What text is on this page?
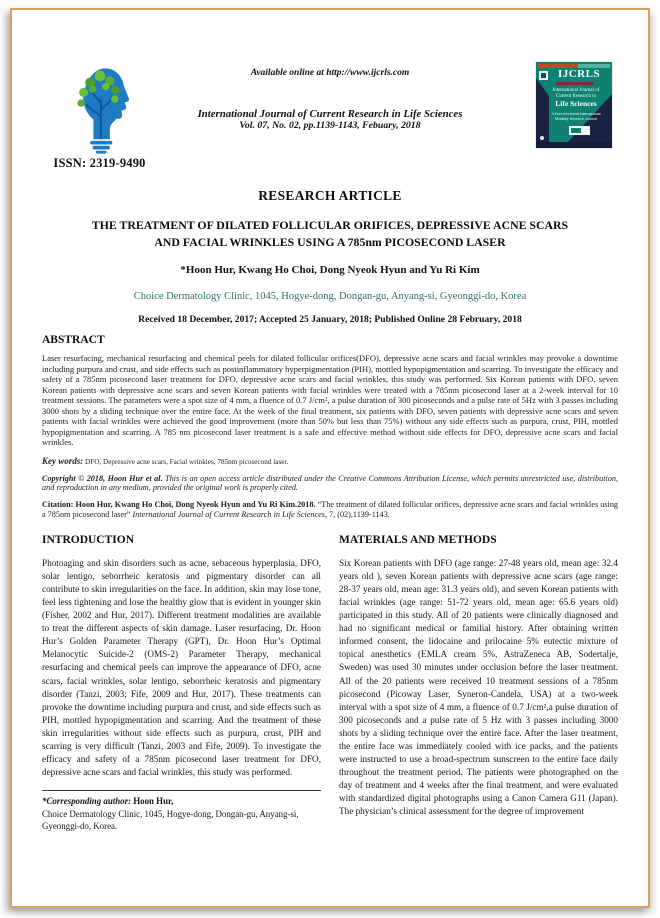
ISSN: 2319-9490
Available online at http://www.ijcrls.com
International Journal of Current Research in Life Sciences
Vol. 07, No. 02, pp.1139-1143, Febuary, 2018
IJCRLS
International Journal of
Current Research in
Life Sciences
A Peer Reviewed International
Monthly Research Journal
RESEARCH ARTICLE
THE TREATMENT OF DILATED FOLLICULAR ORIFICES, DEPRESSIVE ACNE SCARS
AND FACIAL WRINKLES USING A 785nm PICOSECOND LASER
*Hoon Hur, Kwang Ho Choi, Dong Nyeok Hyun and Yu Ri Kim
Choice Dermatology Clinic, 1045, Hogye-dong, Dongan-gu, Anyang-si, Gyeonggi-do, Korea
Received 18 December, 2017; Accepted 25 January, 2018; Published Online 28 February, 2018
ABSTRACT
Laser resurfacing, mechanical resurfacing and chemical peels for dilated follicular orifices(DFO), depressive acne scars and facial wrinkles may provoke a downtime including purpura and crust, and side effects such as postinflammatory hyperpigmentation (PIH), mottled hypopigmentation and scarring. To investigate the efficacy and safety of a 785nm picosecond laser treatment for DFO, depressive acne scars and facial wrinkles, this study was performed. Six Korean patients with DFO, seven Korean patients with depressive acne scars and seven Korean patients with facial wrinkles were treated with a 785nm picosecond laser at a 2-week interval for 10 treatment sessions. The parameters were a spot size of 4 mm, a fluence of 0.7 J/cm², a pulse duration of 300 picoseconds and a pulse rate of 5Hz with 3 passes including 3000 shots by a sliding technique over the entire face. At the week of the final treatment, six patients with DFO, seven patients with depressive acne scars and seven patients with facial wrinkles were achieved the good improvement (more than 50% but less than 75%) without any side effects such as purpura, crust, PIH, mottled hypopigmentation and scarring. A 785 nm picosecond laser treatment is a safe and effective method without side effects for DFO, depressive acne scars and facial wrinkles.
Key words: DFO, Depressive acne scars, Facial wrinkles, 785nm picosecond laser.
Copyright © 2018, Hoon Hur et al. This is an open access article distributed under the Creative Commons Attribution License, which permits unrestricted use, distribution, and reproduction in any medium, provided the original work is properly cited.
Citation: Hoon Hur, Kwang Ho Choi, Dong Nyeok Hyun and Yu Ri Kim.2018. “The treatment of dilated follicular orifices, depressive acne scars and facial wrinkles using a 785nm picosecond laser” International Journal of Current Research in Life Sciences, 7, (02),1139-1143.
INTRODUCTION
Photoaging and skin disorders such as acne, sebaceous hyperplasia, DFO, solar lentigo, seborrheic keratosis and pigmentary disorder can all contribute to skin irregularities on the face. In addition, skin may lose tone, feel less tightening and lose the healthy glow that is evident in younger skin (Fisher, 2002 and Hur, 2017). Different treatment modalities are available to treat the different aspects of skin damage. Laser resurfacing, Dr. Hoon Hur’s Golden Parameter Therapy (GPT), Dr. Hoon Hur’s Optimal Melanocytic Suicide-2 (OMS-2) Parameter Therapy, mechanical resurfacing and chemical peels can improve the appearance of DFO, acne scars, facial wrinkles, solar lentigo, seborrheic keratosis and pigmentary disorder (Tanzi, 2003; Fife, 2009 and Hur, 2017). These treatments can provoke the downtime including purpura and crust, and side effects such as PIH, mottled hypopigmentation and scarring. And the treatment of these skin irregularities without side effects such as purpura, crust, PIH and scarring is very difficult (Tanzi, 2003 and Fife, 2009). To investigate the efficacy and safety of a 785nm picosecond laser treatment for DFO, depressive acne scars and facial wrinkles, this study was performed.
*Corresponding author: Hoon Hur,
Choice Dermatology Clinic, 1045, Hogye-dong, Dongan-gu, Anyang-si, Gyeonggi-do, Korea.
MATERIALS AND METHODS
Six Korean patients with DFO (age range: 27-48 years old, mean age: 32.4 years old ), seven Korean patients with depressive acne scars (age range: 28-37 years old, mean age: 31.3 years old), and seven Korean patients with facial wrinkles (age range: 51-72 years old, mean age: 65.6 years old) participated in this study. All of 20 patients were clinically diagnosed and had no significant medical or familial history. After obtaining written informed consent, the lidocaine and prilocaine 5% eutectic mixture of topical anesthetics (EMLA cream 5%, AstraZeneca AB, Sodertalje, Sweden) was used 30 minutes under occlusion before the laser treatment. All of the 20 patients were received 10 treatment sessions of a 785nm picosecond (Picoway Laser, Syneron-Candela, USA) at a two-week interval with a spot size of 4 mm, a fluence of 0.7 J/cm²,a pulse duration of 300 picoseconds and a pulse rate of 5 Hz with 3 passes including 3000 shots by a sliding technique over the entire face. After the laser treatment, the entire face was immediately cooled with ice packs, and the patients were instructed to use a broad-spectrum sunscreen to the entire face daily throughout the treatment period. The patients were photographed on the day of treatment and 4 weeks after the final treatment, and were evaluated with standardized digital photographs using a Canon Camera G11 (Japan). The physician’s clinical assessment for the degree of improvement
